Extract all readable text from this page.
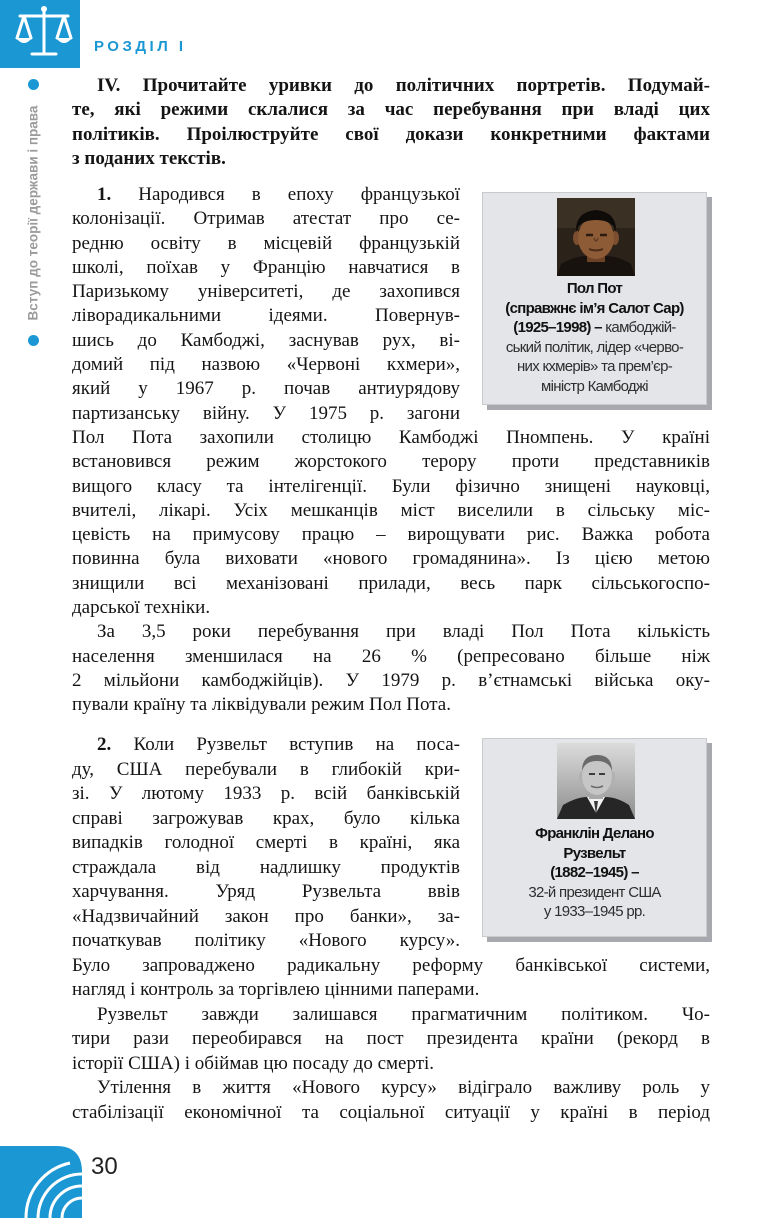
РОЗДІЛ І
Вступ до теорії держави і права
IV. Прочитайте уривки до політичних портретів. Подумай-
те, які режими склалися за час перебування при владі цих
політиків. Проілюструйте свої докази конкретними фактами
з поданих текстів.
1. Народився в епоху французької
колонізації. Отримав атестат про се-
редню освіту в місцевій французькій
школі, поїхав у Францію навчатися в
Паризькому університеті, де захопився
ліворадикальними ідеями. Повернув-
шись до Камбоджі, заснував рух, ві-
домий під назвою «Червоні кхмери»,
який у 1967 р. почав антиурядову
партизанську війну. У 1975 р. загони
Пол Пота захопили столицю Камбоджі Пномпень. У країні
встановився режим жорстокого терору проти представників
вищого класу та інтелігенції. Були фізично знищені науковці,
вчителі, лікарі. Усіх мешканців міст виселили в сільську міс-
цевість на примусову працю – вирощувати рис. Важка робота
повинна була виховати «нового громадянина». Із цією метою
знищили всі механізовані прилади, весь парк сільськогоспо-
дарської техніки.
За 3,5 роки перебування при владі Пол Пота кількість
населення зменшилася на 26 % (репресовано більше ніж
2 мільйони камбоджійців). У 1979 р. в’єтнамські війська оку-
пували країну та ліквідували режим Пол Пота.
Пол Пот
(справжнє ім’я Салот Сар)
(1925–1998) – камбоджій-
ський політик, лідер «черво-
них кхмерів» та прем’єр-
міністр Камбоджі
2. Коли Рузвельт вступив на поса-
ду, США перебували в глибокій кри-
зі. У лютому 1933 р. всій банківській
справі загрожував крах, було кілька
випадків голодної смерті в країні, яка
страждала від надлишку продуктів
харчування. Уряд Рузвельта ввів
«Надзвичайний закон про банки», за-
початкував політику «Нового курсу».
Було запроваджено радикальну реформу банківської системи,
нагляд і контроль за торгівлею цінними паперами.
Рузвельт завжди залишався прагматичним політиком. Чо-
тири рази переобирався на пост президента країни (рекорд в
історії США) і обіймав цю посаду до смерті.
Утілення в життя «Нового курсу» відіграло важливу роль у
стабілізації економічної та соціальної ситуації у країні в період
Франклін Делано
Рузвельт
(1882–1945) –
32-й президент США
у 1933–1945 рр.
30
